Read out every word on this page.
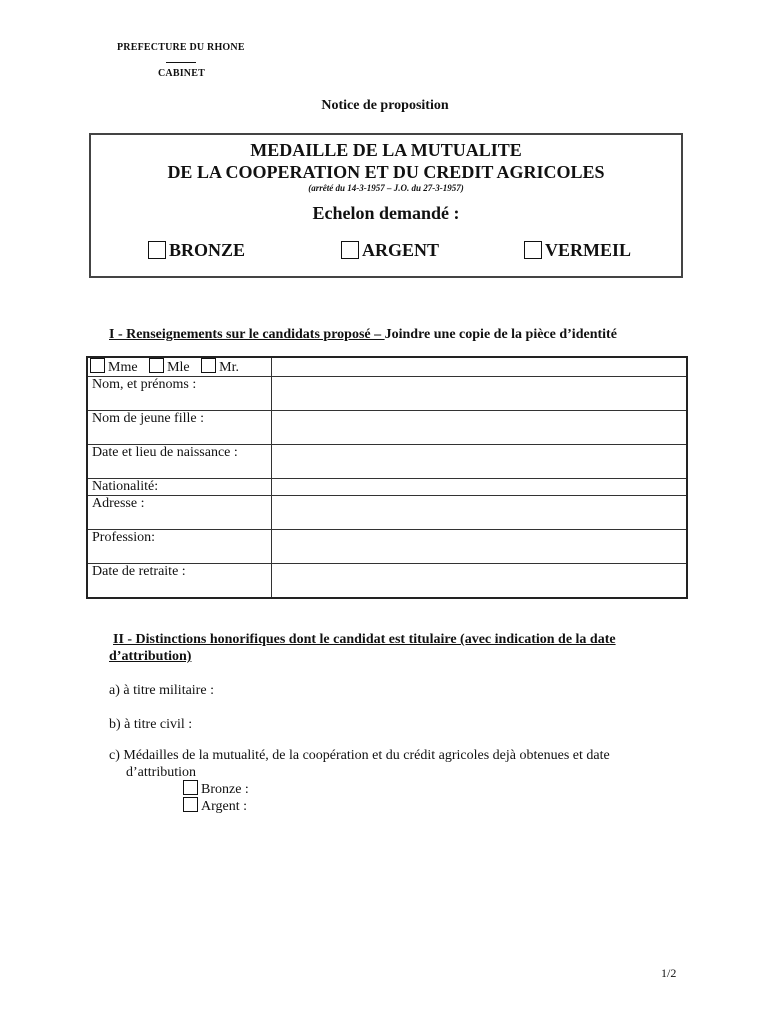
PREFECTURE DU RHONE
CABINET
Notice de proposition
MEDAILLE DE LA MUTUALITE
DE LA COOPERATION ET DU CREDIT AGRICOLES
(arrêté du 14-3-1957 – J.O. du 27-3-1957)
Echelon demandé :
BRONZE	ARGENT	VERMEIL
I - Renseignements sur le candidats proposé – Joindre une copie de la pièce d’identité
Mme Mle Mr.	
Nom, et prénoms :	
Nom de jeune fille :	
Date et lieu de naissance :	
Nationalité:	
Adresse :	
Profession:	
Date de retraite :	
II - Distinctions honorifiques dont le candidat est titulaire (avec indication de la date
d’attribution)
a) à titre militaire :
b) à titre civil :
c) Médailles de la mutualité, de la coopération et du crédit agricoles dejà obtenues et date
d’attribution
Bronze :
Argent :
1/2
